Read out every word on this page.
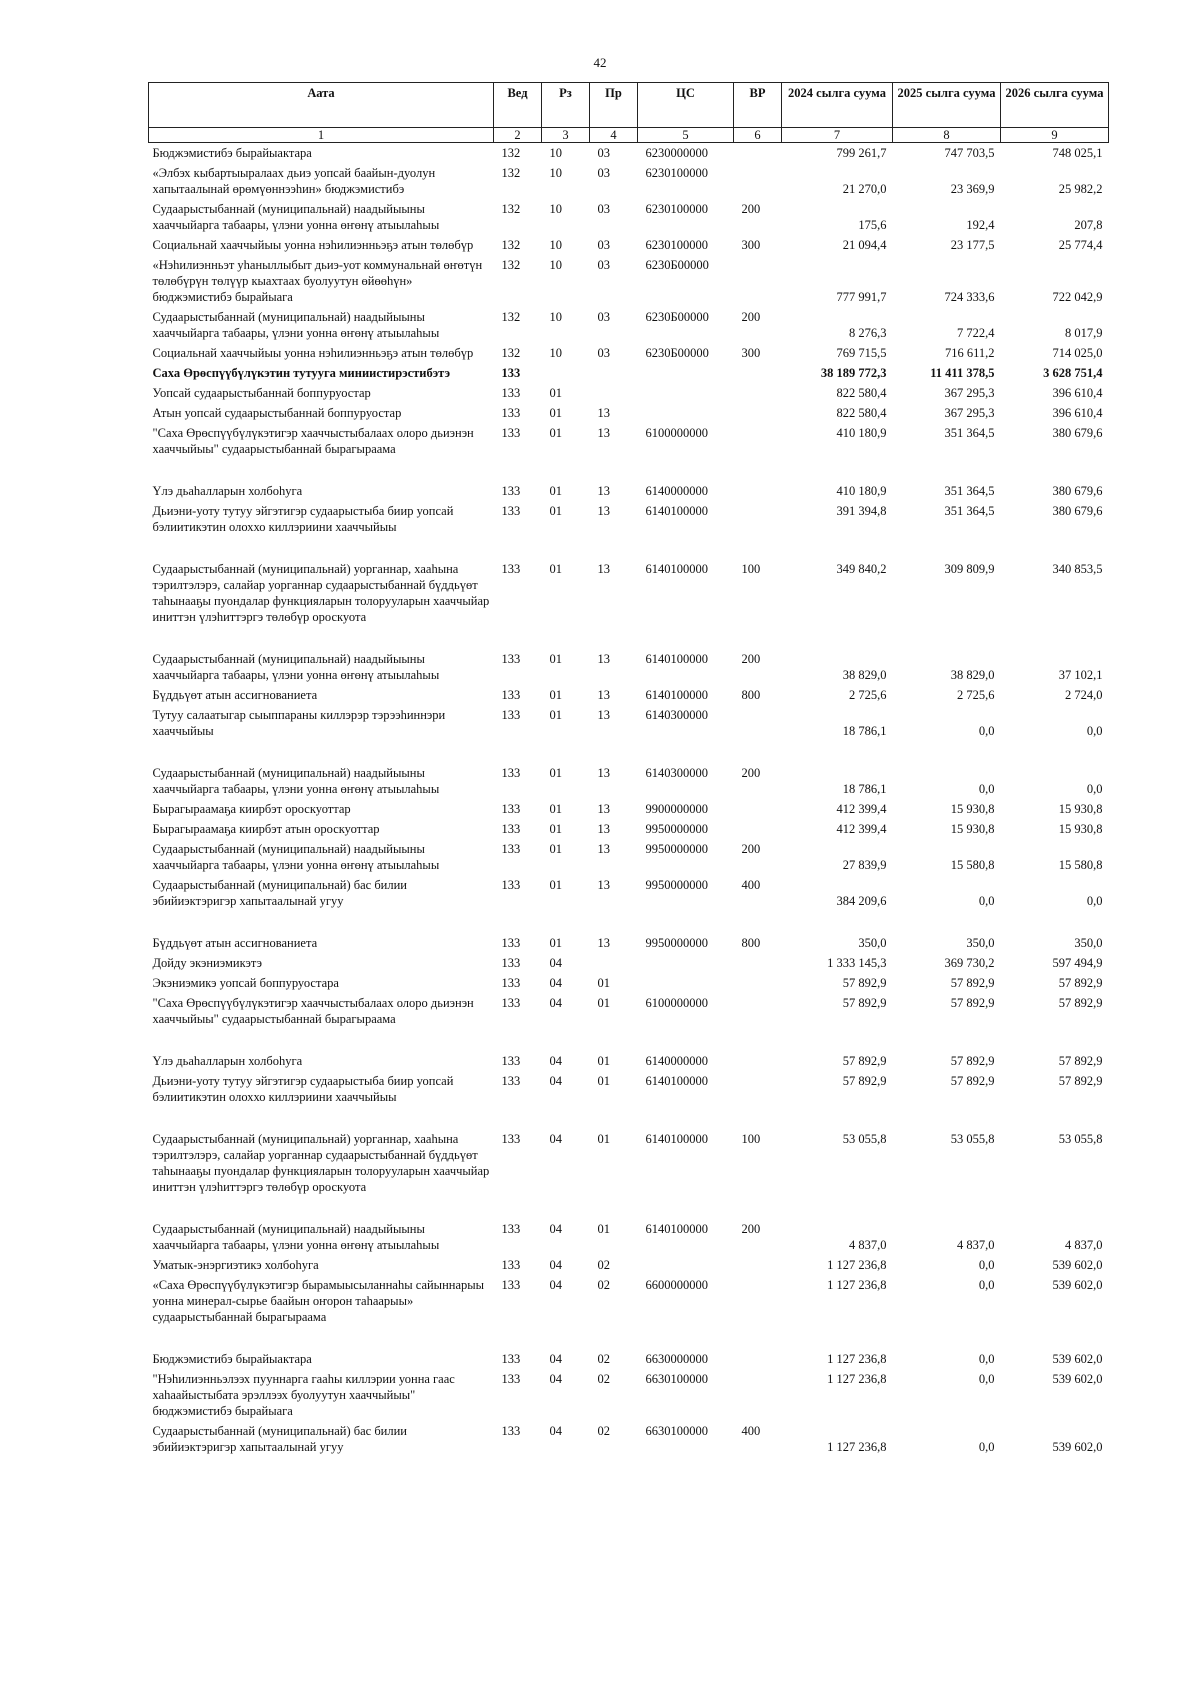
42
Аата	Вед	Рз	Пр	ЦС	ВР	2024 сылга суума	2025 сылга суума	2026 сылга суума
1	2	3	4	5	6	7	8	9
Бюджэмистибэ бырайыактара	132	10	03	6230000000		799 261,7	747 703,5	748 025,1
«Элбэх кыбартыыралаах дьиэ уопсай баайын-дуолун хапытаалынай өрөмүөннээһин» бюджэмистибэ	132	10	03	6230100000		21 270,0	23 369,9	25 982,2
Судаарыстыбаннай (муниципальнай) наадыйыыны хааччыйарга табаары, үлэни уонна өҥөнү атыылаһыы	132	10	03	6230100000	200	175,6	192,4	207,8
Социальнай хааччыйыы уонна нэһилиэнньэҕэ атын төлөбүр	132	10	03	6230100000	300	21 094,4	23 177,5	25 774,4
«Нэһилиэнньэт уһаныллыбыт дьиэ-уот коммунальнай өҥөтүн төлөбүрүн төлүүр кыахтаах буолуутун өйөөһүн» бюджэмистибэ бырайыага	132	10	03	6230Б00000		777 991,7	724 333,6	722 042,9
Судаарыстыбаннай (муниципальнай) наадыйыыны хааччыйарга табаары, үлэни уонна өҥөнү атыылаһыы	132	10	03	6230Б00000	200	8 276,3	7 722,4	8 017,9
Социальнай хааччыйыы уонна нэһилиэнньэҕэ атын төлөбүр	132	10	03	6230Б00000	300	769 715,5	716 611,2	714 025,0
Саха Өрөспүүбүлүкэтин тутуугa миниистирэстибэтэ	133					38 189 772,3	11 411 378,5	3 628 751,4
Уопсай судаарыстыбаннай боппуруостар	133	01				822 580,4	367 295,3	396 610,4
Атын уопсай судаарыстыбаннай боппуруостар	133	01	13			822 580,4	367 295,3	396 610,4
"Саха Өрөспүүбүлүкэтигэр хааччыстыбалаах олоро дьиэнэн хааччыйыы" судаарыстыбаннай бырагыраама	133	01	13	6100000000		410 180,9	351 364,5	380 679,6

Үлэ дьаһалларын холбоһуга	133	01	13	6140000000		410 180,9	351 364,5	380 679,6
Дьиэни-уоту тутуу эйгэтигэр судаарыстыба биир уопсай бэлиитикэтин олоххо киллэриини хааччыйыы	133	01	13	6140100000		391 394,8	351 364,5	380 679,6

Судаарыстыбаннай (муниципальнай) уорганнар, хааһына тэрилтэлэрэ, салайар уорганнар судаарыстыбаннай бүддьүөт таһынааҕы пуондалар функцияларын толорууларын хааччыйар иниттэн үлэһиттэргэ төлөбүр ороскуота	133	01	13	6140100000	100	349 840,2	309 809,9	340 853,5

Судаарыстыбаннай (муниципальнай) наадыйыыны хааччыйарга табаары, үлэни уонна өҥөнү атыылаһыы	133	01	13	6140100000	200	38 829,0	38 829,0	37 102,1
Бүддьүөт атын ассигнованиета	133	01	13	6140100000	800	2 725,6	2 725,6	2 724,0
Тутуу салаатыгар сыыппараны киллэрэр тэрээһиннэри хааччыйыы	133	01	13	6140300000		18 786,1	0,0	0,0

Судаарыстыбаннай (муниципальнай) наадыйыыны хааччыйарга табаары, үлэни уонна өҥөнү атыылаһыы	133	01	13	6140300000	200	18 786,1	0,0	0,0
Бырагыраамаҕа киирбэт ороскуоттар	133	01	13	9900000000		412 399,4	15 930,8	15 930,8
Бырагыраамаҕа киирбэт атын ороскуоттар	133	01	13	9950000000		412 399,4	15 930,8	15 930,8
Судаарыстыбаннай (муниципальнай) наадыйыыны хааччыйарга табаары, үлэни уонна өҥөнү атыылаһыы	133	01	13	9950000000	200	27 839,9	15 580,8	15 580,8
Судаарыстыбаннай (муниципальнай) бас билии эбийиэктэригэр хапытаалынай угуу	133	01	13	9950000000	400	384 209,6	0,0	0,0

Бүддьүөт атын ассигнованиета	133	01	13	9950000000	800	350,0	350,0	350,0
Дойду экэниэмикэтэ	133	04				1 333 145,3	369 730,2	597 494,9
Экэниэмикэ уопсай боппуруостара	133	04	01			57 892,9	57 892,9	57 892,9
"Саха Өрөспүүбүлүкэтигэр хааччыстыбалаах олоро дьиэнэн хааччыйыы" судаарыстыбаннай бырагыраама	133	04	01	6100000000		57 892,9	57 892,9	57 892,9

Үлэ дьаһалларын холбоһуга	133	04	01	6140000000		57 892,9	57 892,9	57 892,9
Дьиэни-уоту тутуу эйгэтигэр судаарыстыба биир уопсай бэлиитикэтин олоххо киллэриини хааччыйыы	133	04	01	6140100000		57 892,9	57 892,9	57 892,9

Судаарыстыбаннай (муниципальнай) уорганнар, хааһына тэрилтэлэрэ, салайар уорганнар судаарыстыбаннай бүддьүөт таһынааҕы пуондалар функцияларын толорууларын хааччыйар иниттэн үлэһиттэргэ төлөбүр ороскуота	133	04	01	6140100000	100	53 055,8	53 055,8	53 055,8

Судаарыстыбаннай (муниципальнай) наадыйыыны хааччыйарга табаары, үлэни уонна өҥөнү атыылаһыы	133	04	01	6140100000	200	4 837,0	4 837,0	4 837,0
Уматык-энэргиэтикэ холбоһуга	133	04	02			1 127 236,8	0,0	539 602,0
«Саха Өрөспүүбүлүкэтигэр бырамыысыланнаһы сайыннарыы уонна минерал-сырье баайын оҥорон таһаарыы» судаарыстыбаннай бырагыраама	133	04	02	6600000000		1 127 236,8	0,0	539 602,0

Бюджэмистибэ бырайыактара	133	04	02	6630000000		1 127 236,8	0,0	539 602,0
"Нэһилиэнньэлээх пууннарга гааһы киллэрии уонна гаас хаһаайыстыбата эрэллээх буолуутун хааччыйыы" бюджэмистибэ бырайыага	133	04	02	6630100000		1 127 236,8	0,0	539 602,0
Судаарыстыбаннай (муниципальнай) бас билии эбийиэктэригэр хапытаалынай угуу	133	04	02	6630100000	400	1 127 236,8	0,0	539 602,0
